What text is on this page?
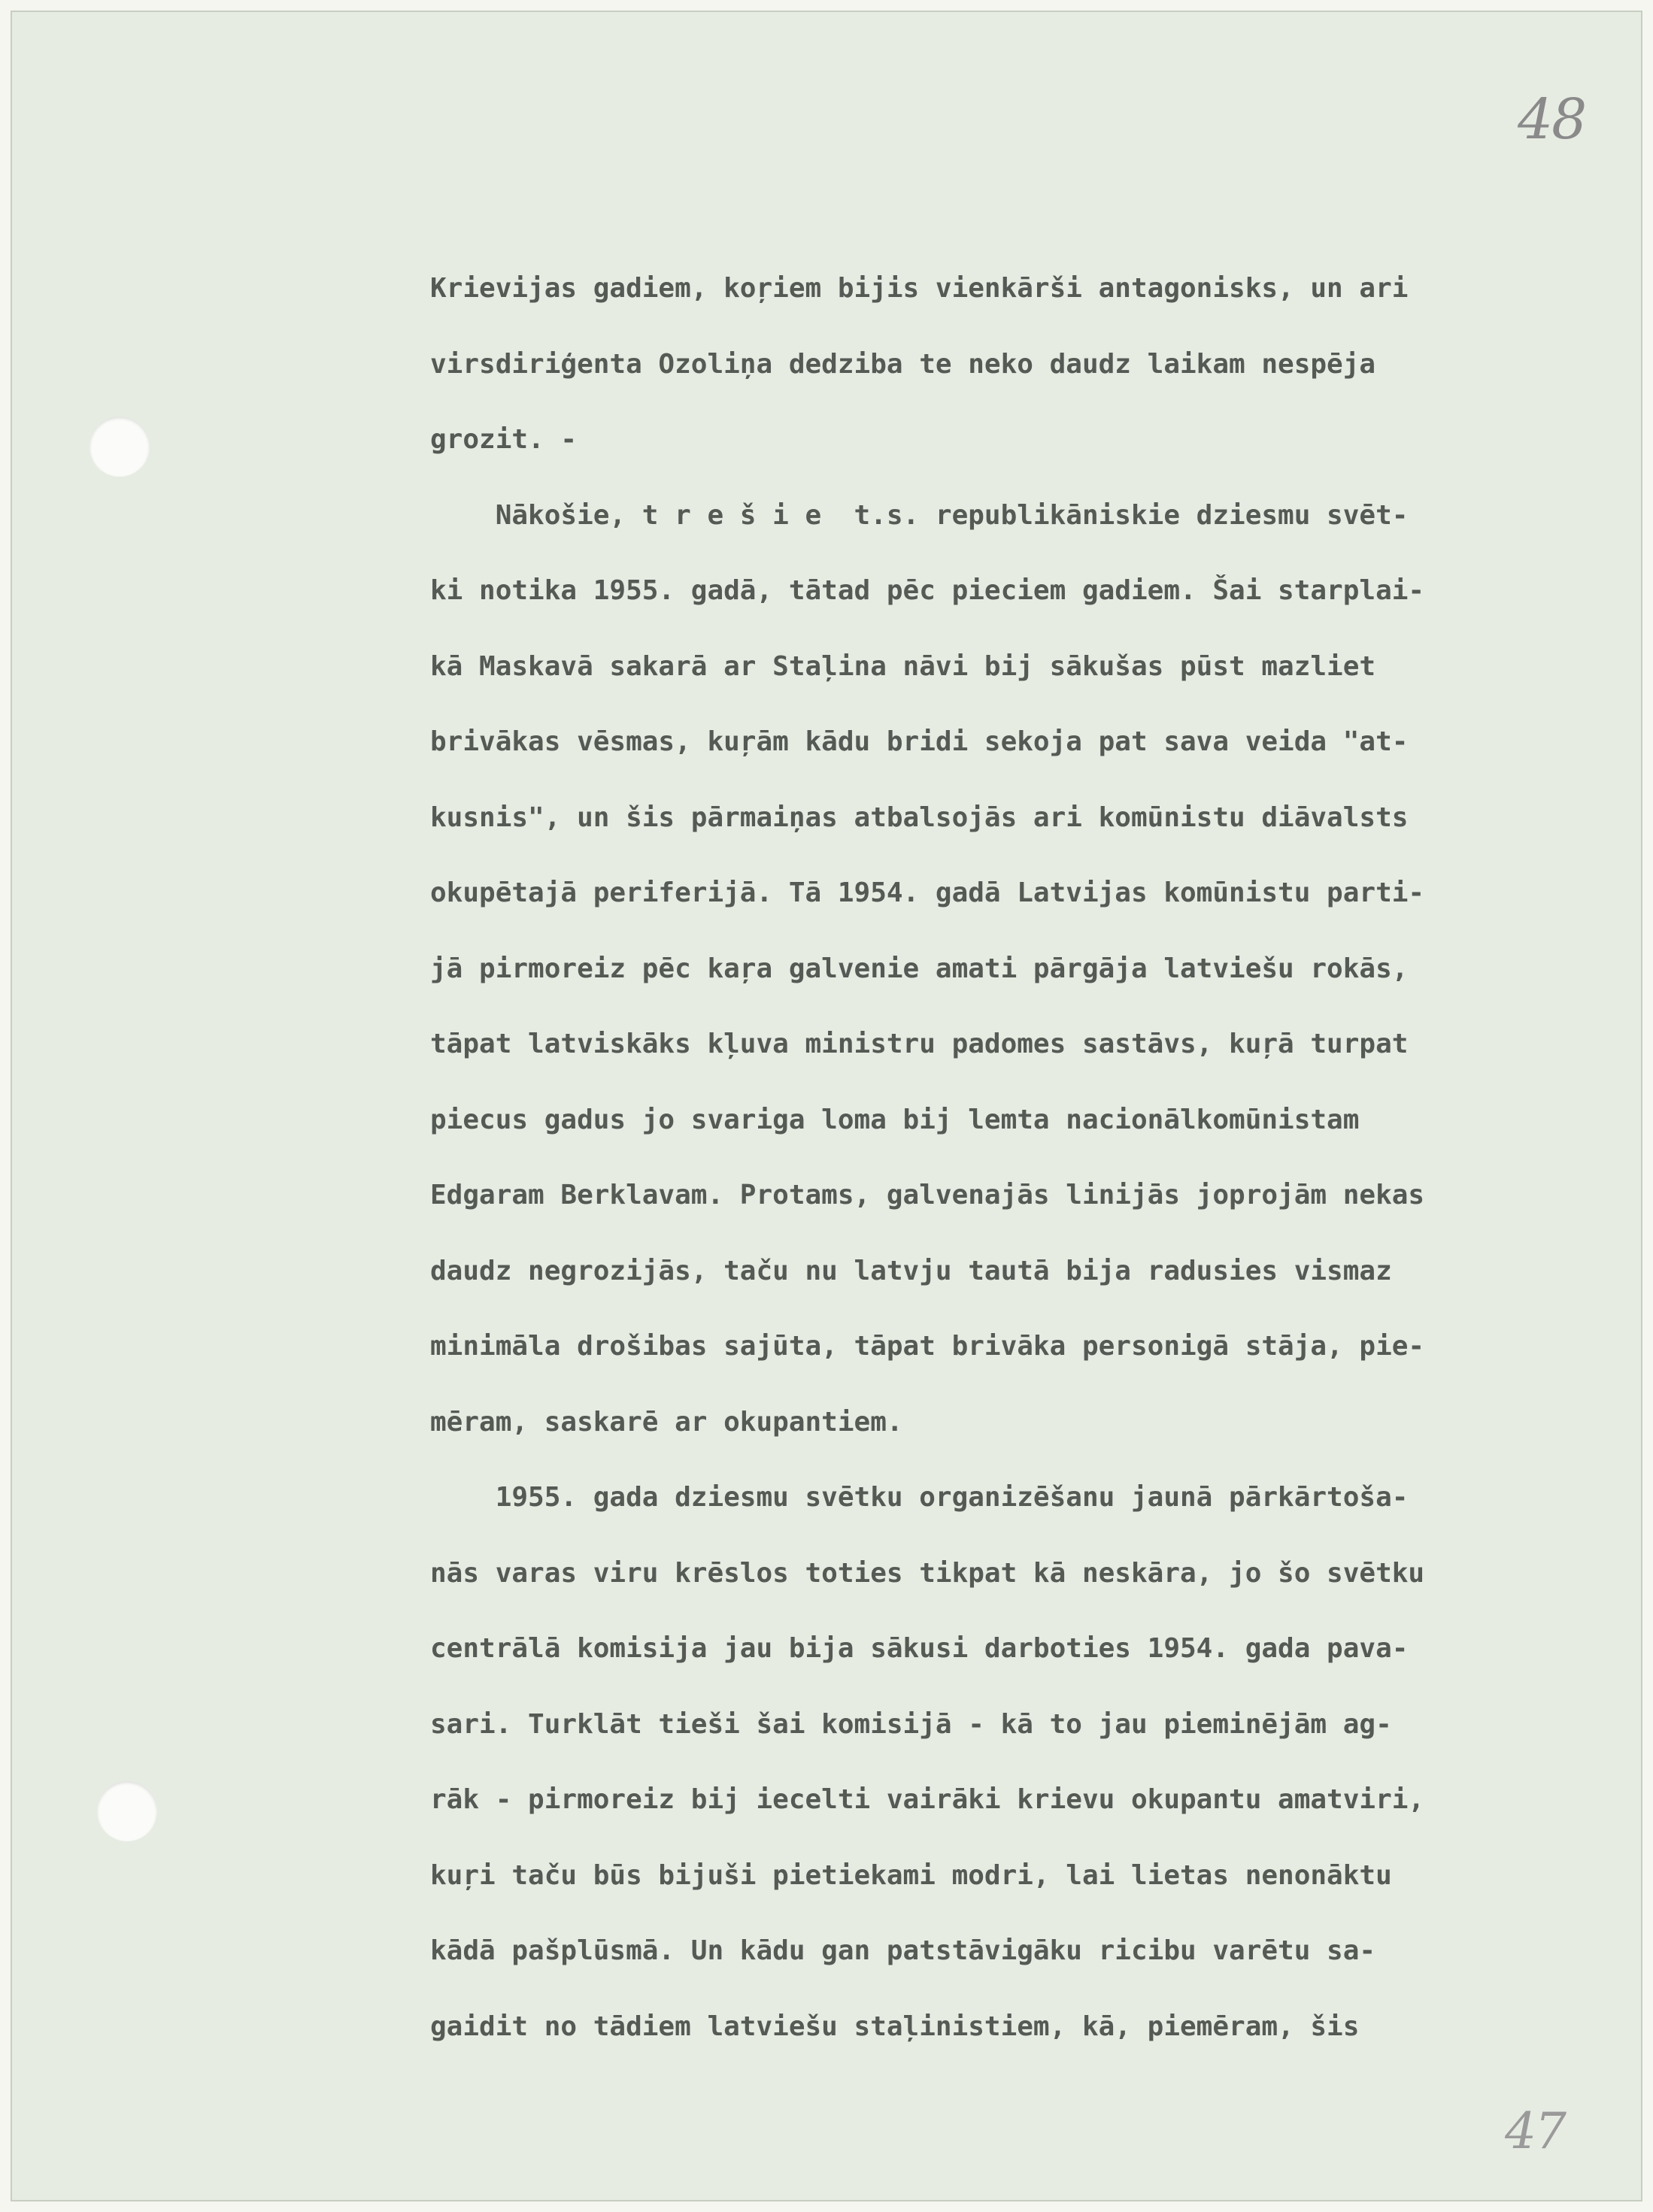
48
47
Krievijas gadiem, koŗiem bijis vienkārši antagonisks, un ari
virsdiriģenta Ozoliņa dedziba te neko daudz laikam nespēja
grozit. -
Nākošie, t r e š i e  t.s. republikāniskie dziesmu svēt-
ki notika 1955. gadā, tātad pēc pieciem gadiem. Šai starplai-
kā Maskavā sakarā ar Staļina nāvi bij sākušas pūst mazliet
brivākas vēsmas, kuŗām kādu bridi sekoja pat sava veida "at-
kusnis", un šis pārmaiņas atbalsojās ari komūnistu diāvalsts
okupētajā periferijā. Tā 1954. gadā Latvijas komūnistu parti-
jā pirmoreiz pēc kaŗa galvenie amati pārgāja latviešu rokās,
tāpat latviskāks kļuva ministru padomes sastāvs, kuŗā turpat
piecus gadus jo svariga loma bij lemta nacionālkomūnistam
Edgaram Berklavam. Protams, galvenajās linijās joprojām nekas
daudz negrozijās, taču nu latvju tautā bija radusies vismaz
minimāla drošibas sajūta, tāpat brivāka personigā stāja, pie-
mēram, saskarē ar okupantiem.
1955. gada dziesmu svētku organizēšanu jaunā pārkārtoša-
nās varas viru krēslos toties tikpat kā neskāra, jo šo svētku
centrālā komisija jau bija sākusi darboties 1954. gada pava-
sari. Turklāt tieši šai komisijā - kā to jau pieminējām ag-
rāk - pirmoreiz bij iecelti vairāki krievu okupantu amatviri,
kuŗi taču būs bijuši pietiekami modri, lai lietas nenonāktu
kādā pašplūsmā. Un kādu gan patstāvigāku ricibu varētu sa-
gaidit no tādiem latviešu staļinistiem, kā, piemēram, šis
